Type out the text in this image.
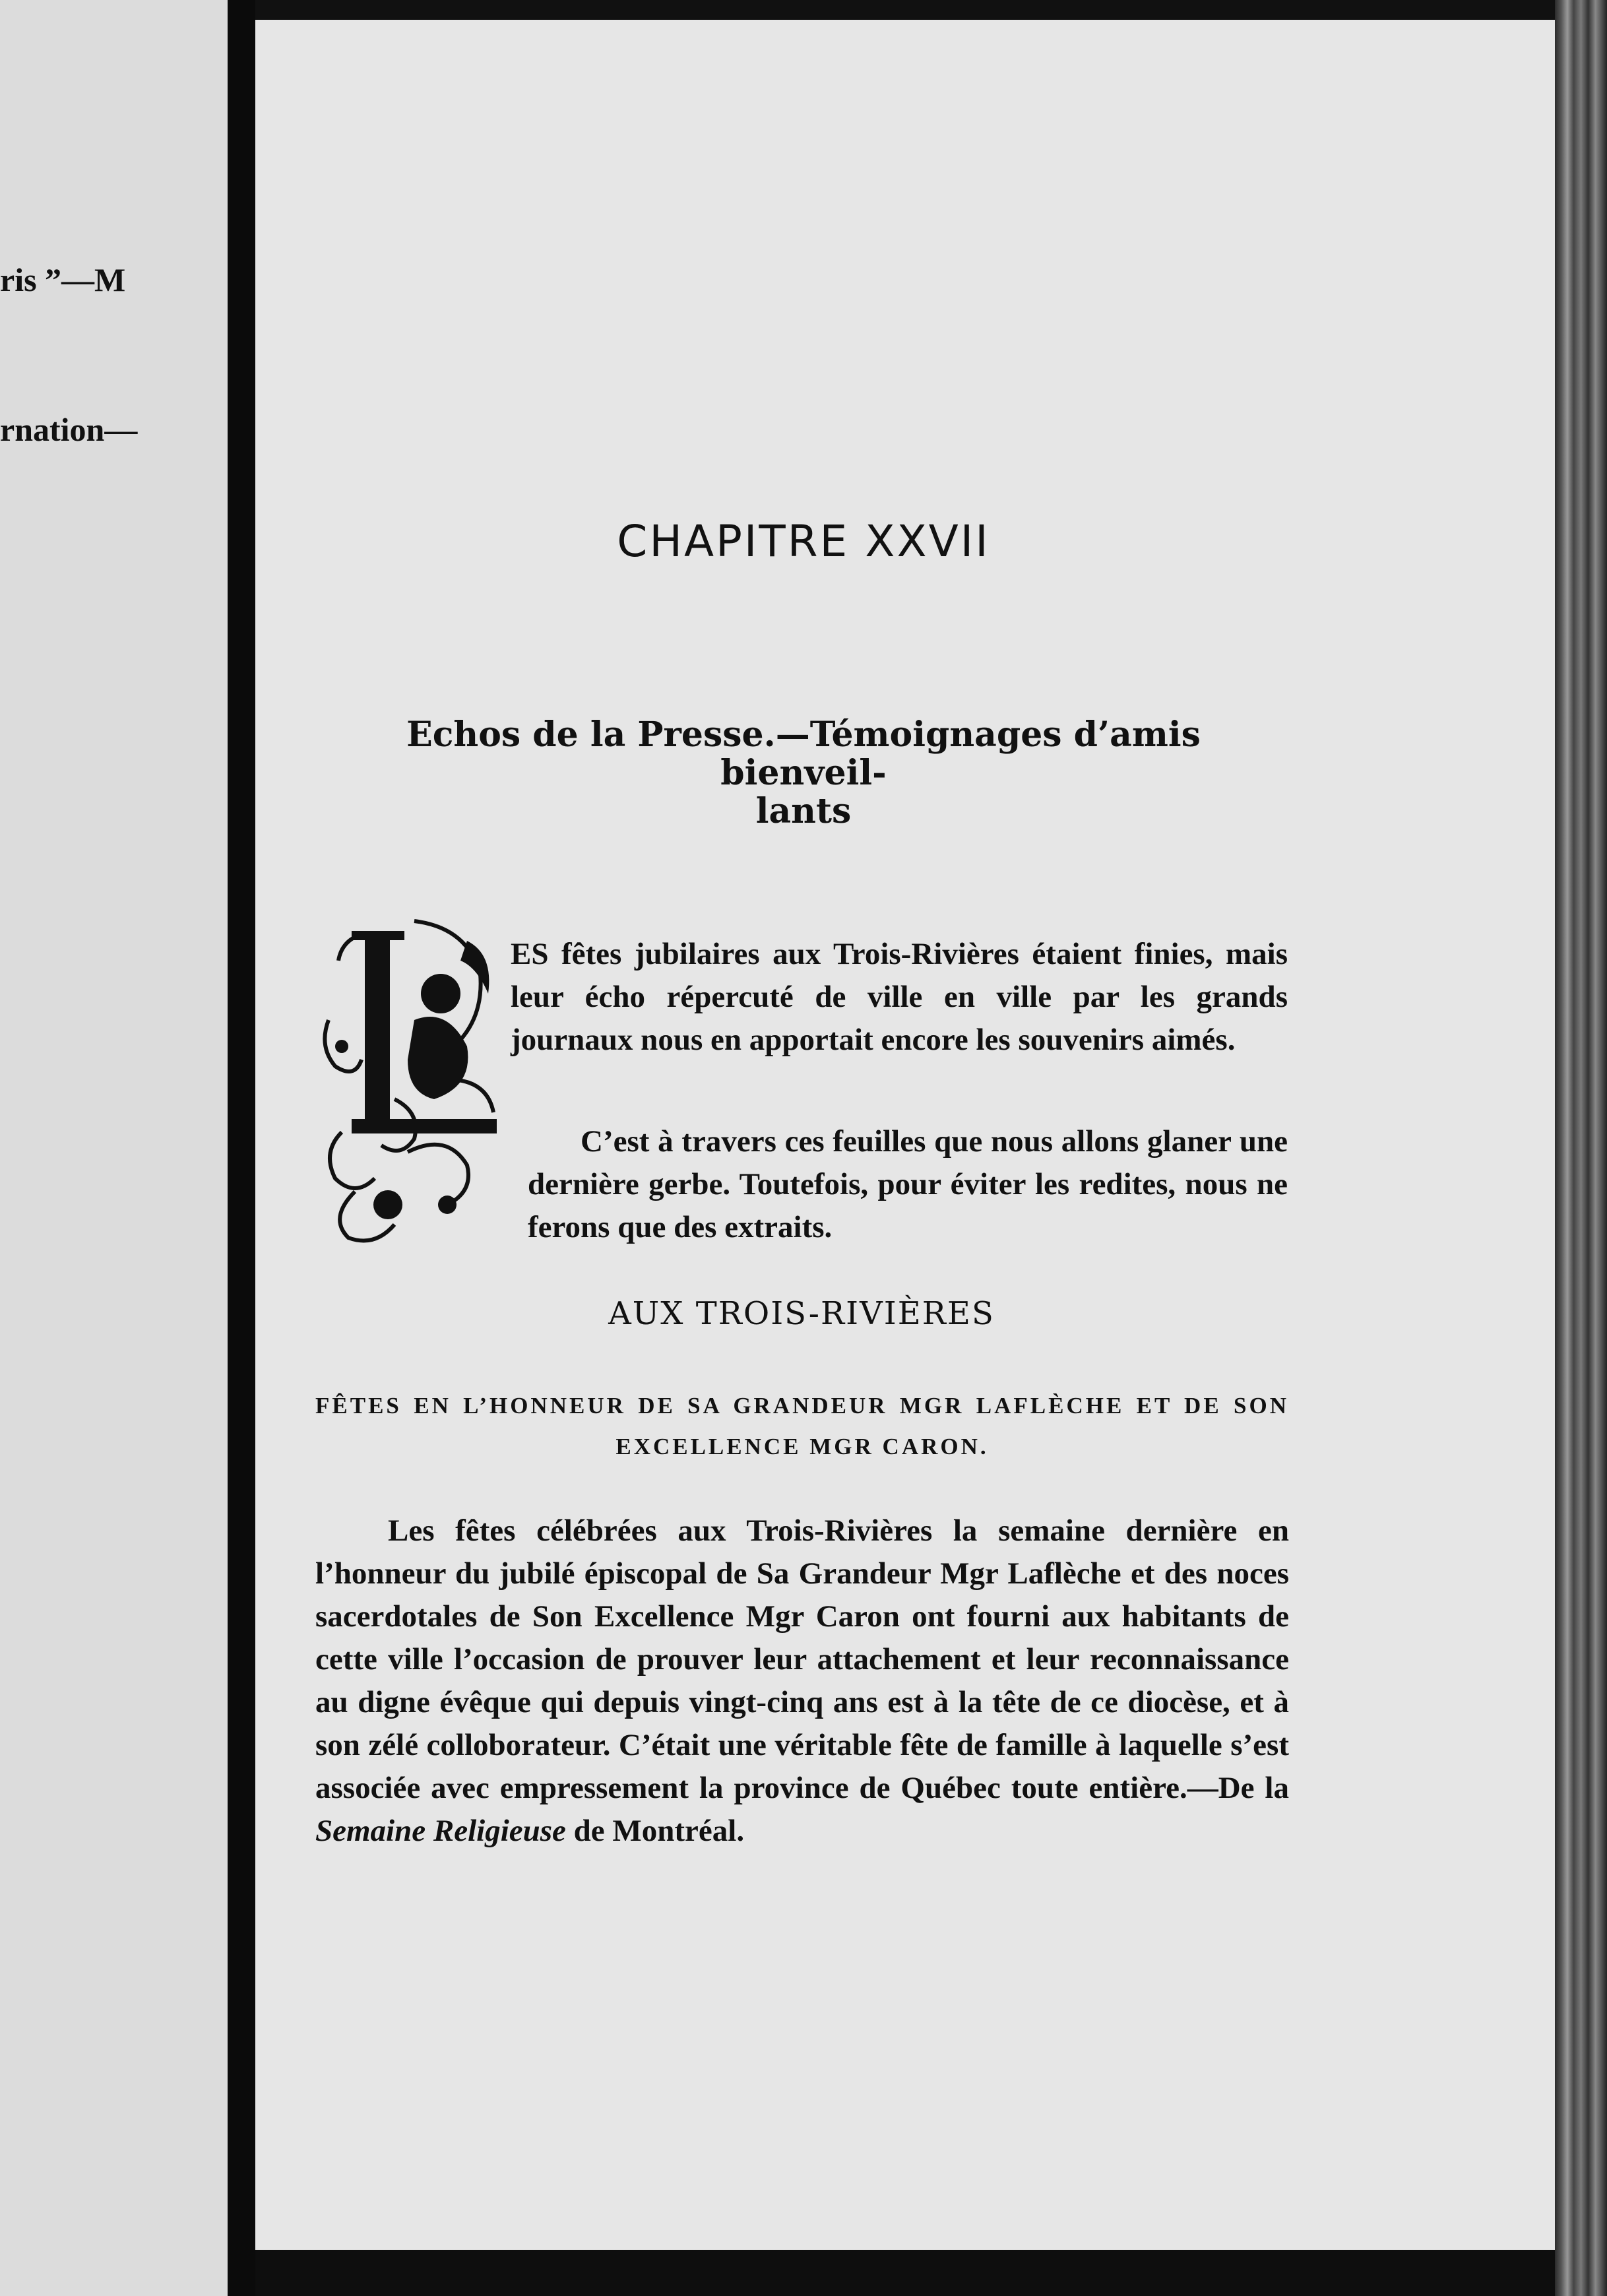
ris ”—M
rnation—
CHAPITRE XXVII
Echos de la Presse.—Témoignages d’amis bienveil-
lants

ES fêtes jubilaires aux Trois-Rivières étaient finies, mais leur écho répercuté de ville en ville par les grands journaux nous en apportait encore les souvenirs aimés.

C’est à travers ces feuilles que nous allons glaner une dernière gerbe. Toutefois, pour éviter les redites, nous ne ferons que des extraits.

AUX TROIS-RIVIÈRES

FÊTES EN L’HONNEUR DE SA GRANDEUR MGR LAFLÈCHE ET DE SON EXCELLENCE MGR CARON.

Les fêtes célébrées aux Trois-Rivières la semaine dernière en l’honneur du jubilé épiscopal de Sa Grandeur Mgr Laflèche et des noces sacerdotales de Son Excellence Mgr Caron ont fourni aux habitants de cette ville l’occasion de prouver leur attachement et leur reconnaissance au digne évêque qui depuis vingt-cinq ans est à la tête de ce diocèse, et à son zélé colloborateur. C’était une véritable fête de famille à laquelle s’est associée avec empressement la province de Québec toute entière.—De la Semaine Religieuse de Montréal.
